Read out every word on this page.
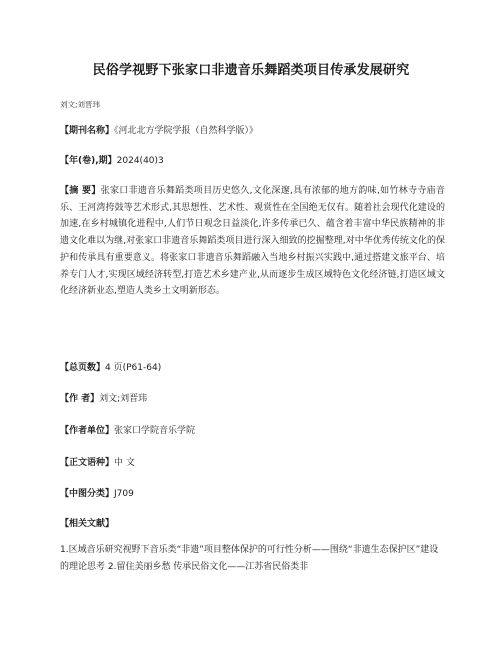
民俗学视野下张家口非遗音乐舞蹈类项目传承发展研究
刘文;刘晋玮
【期刊名称】《河北北方学院学报（自然科学版）》
【年(卷),期】2024(40)3
【摘 要】张家口非遗音乐舞蹈类项目历史悠久,文化深邃,具有浓郁的地方韵味,如竹林寺寺庙音乐、王河湾挎鼓等艺术形式,其思想性、艺术性、观赏性在全国绝无仅有。随着社会现代化建设的加速,在乡村城镇化进程中,人们节日观念日益淡化,许多传承已久、蕴含着丰富中华民族精神的非遗文化难以为继,对张家口非遗音乐舞蹈类项目进行深入细致的挖掘整理,对中华优秀传统文化的保护和传承具有重要意义。将张家口非遗音乐舞蹈融入当地乡村振兴实践中,通过搭建文旅平台、培养专门人才,实现区域经济转型,打造艺术乡建产业,从而逐步生成区域特色文化经济链,打造区域文化经济新业态,塑造人类乡土文明新形态。
【总页数】4 页(P61-64)
【作 者】刘文;刘晋玮
【作者单位】张家口学院音乐学院
【正文语种】中 文
【中图分类】J709
【相关文献】
1.区域音乐研究视野下音乐类“非遗”项目整体保护的可行性分析——围绕“非遗生态保护区”建设的理论思考 2.留住美丽乡愁 传承民俗文化——江苏省民俗类非
